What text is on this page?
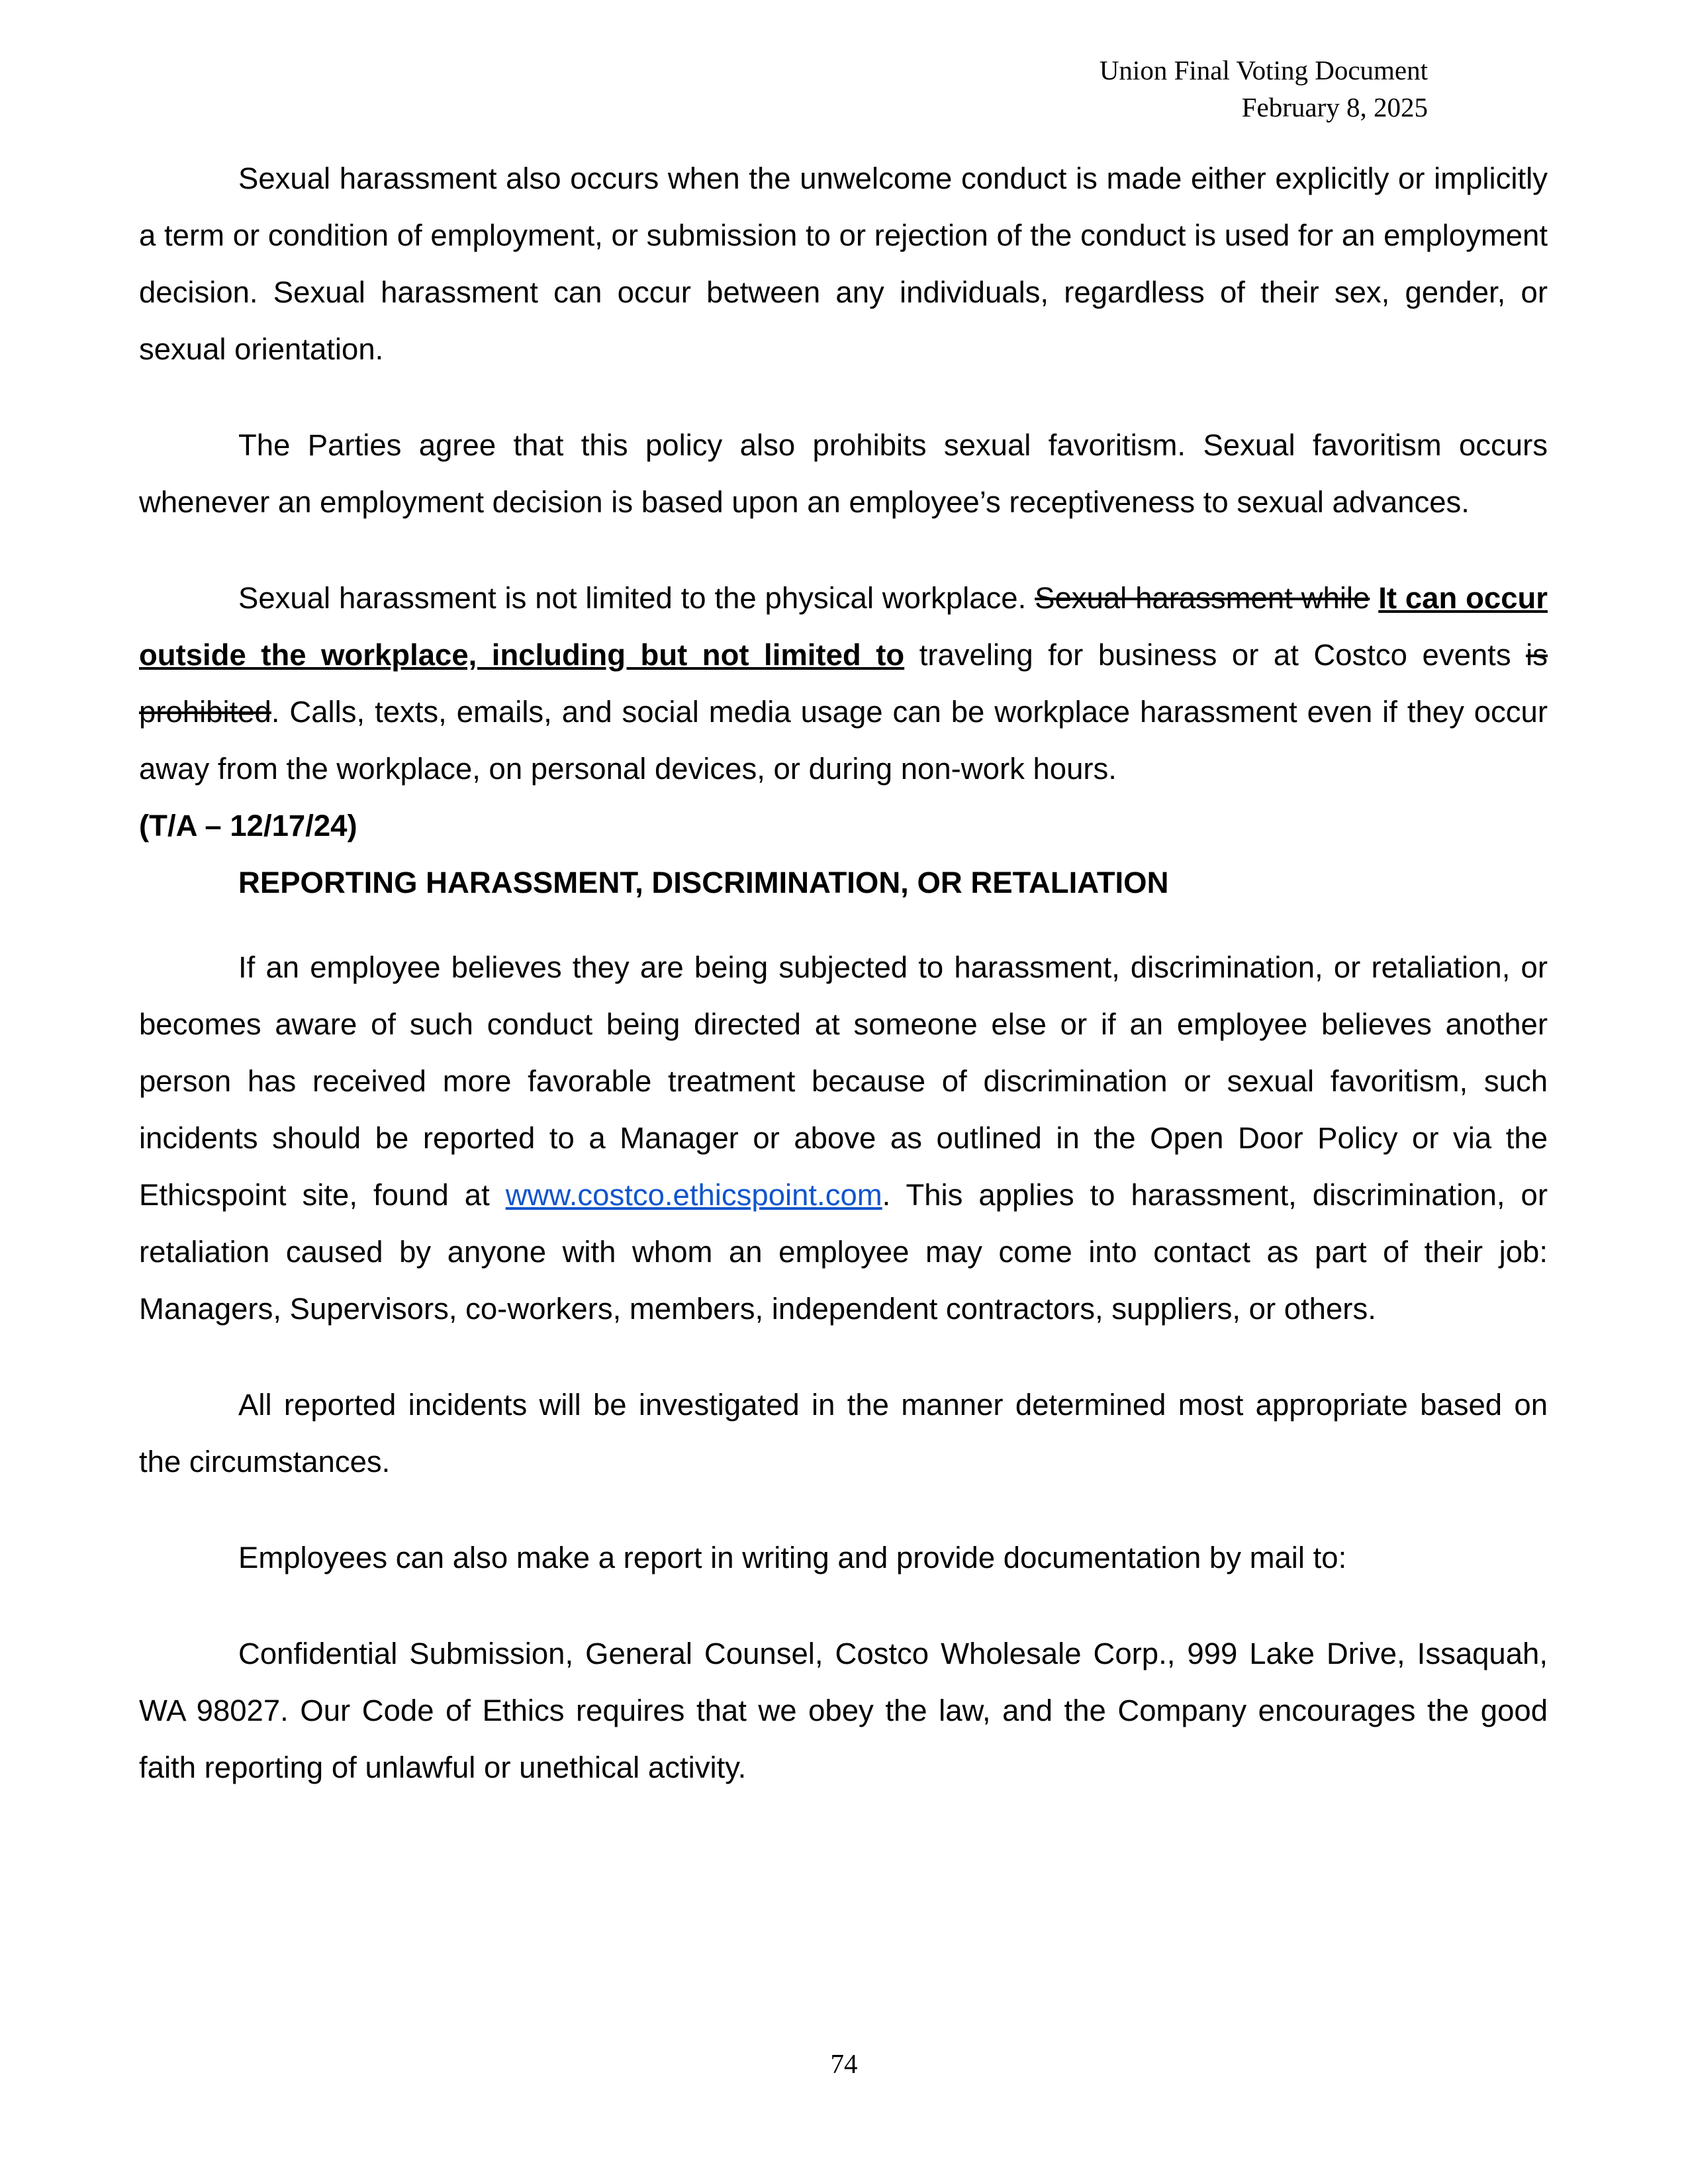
Union Final Voting Document
February 8, 2025

Sexual harassment also occurs when the unwelcome conduct is made either explicitly or implicitly a term or condition of employment, or submission to or rejection of the conduct is used for an employment decision. Sexual harassment can occur between any individuals, regardless of their sex, gender, or sexual orientation.

The Parties agree that this policy also prohibits sexual favoritism. Sexual favoritism occurs whenever an employment decision is based upon an employee’s receptiveness to sexual advances.

Sexual harassment is not limited to the physical workplace. Sexual harassment while It can occur outside the workplace, including but not limited to traveling for business or at Costco events is prohibited. Calls, texts, emails, and social media usage can be workplace harassment even if they occur away from the workplace, on personal devices, or during non-work hours.

(T/A – 12/17/24)

REPORTING HARASSMENT, DISCRIMINATION, OR RETALIATION

If an employee believes they are being subjected to harassment, discrimination, or retaliation, or becomes aware of such conduct being directed at someone else or if an employee believes another person has received more favorable treatment because of discrimination or sexual favoritism, such incidents should be reported to a Manager or above as outlined in the Open Door Policy or via the Ethicspoint site, found at www.costco.ethicspoint.com. This applies to harassment, discrimination, or retaliation caused by anyone with whom an employee may come into contact as part of their job: Managers, Supervisors, co-workers, members, independent contractors, suppliers, or others.

All reported incidents will be investigated in the manner determined most appropriate based on the circumstances.

Employees can also make a report in writing and provide documentation by mail to:

Confidential Submission, General Counsel, Costco Wholesale Corp., 999 Lake Drive, Issaquah, WA 98027. Our Code of Ethics requires that we obey the law, and the Company encourages the good faith reporting of unlawful or unethical activity.

74
